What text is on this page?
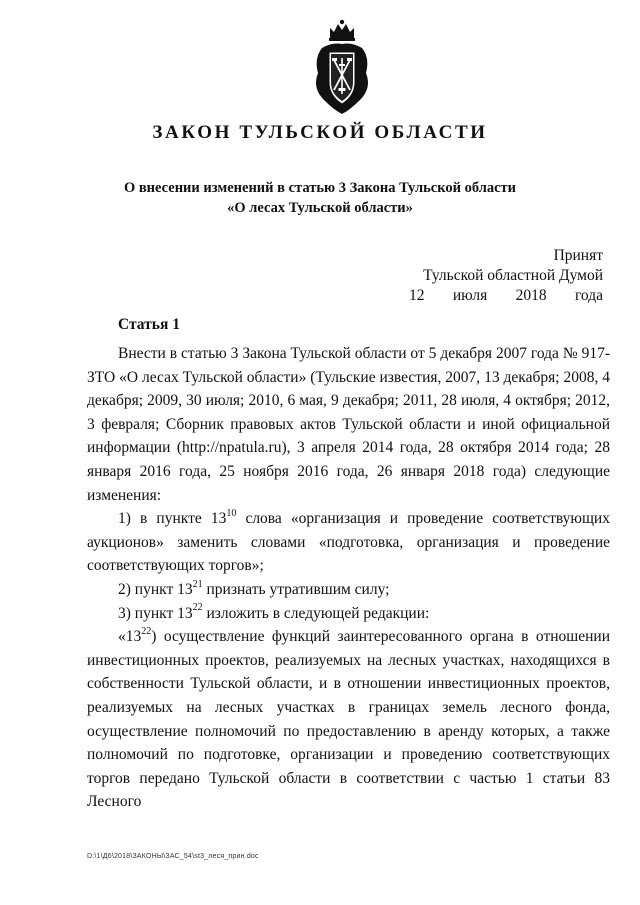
ЗАКОН ТУЛЬСКОЙ ОБЛАСТИ
О внесении изменений в статью 3 Закона Тульской области
«О лесах Тульской области»
Принят
Тульской областной Думой
12 июля 2018 года
Статья 1

Внести в статью 3 Закона Тульской области от 5 декабря 2007 года № 917-ЗТО «О лесах Тульской области» (Тульские известия, 2007, 13 декабря; 2008, 4 декабря; 2009, 30 июля; 2010, 6 мая, 9 декабря; 2011, 28 июля, 4 октября; 2012, 3 февраля; Сборник правовых актов Тульской области и иной официальной информации (http://npatula.ru), 3 апреля 2014 года, 28 октября 2014 года; 28 января 2016 года, 25 ноября 2016 года, 26 января 2018 года) следующие изменения:

1) в пункте $13^{10}$ слова «организация и проведение соответствующих аукционов» заменить словами «подготовка, организация и проведение соответствующих торгов»;

2) пункт $13^{21}$ признать утратившим силу;

3) пункт $13^{22}$ изложить в следующей редакции:

«$13^{22}$) осуществление функций заинтересованного органа в отношении инвестиционных проектов, реализуемых на лесных участках, находящихся в собственности Тульской области, и в отношении инвестиционных проектов, реализуемых на лесных участках в границах земель лесного фонда, осуществление полномочий по предоставлению в аренду которых, а также полномочий по подготовке, организации и проведению соответствующих торгов передано Тульской области в соответствии с частью 1 статьи 83 Лесного

D:\1\Д6\2018\ЗАКОНЫ\ЗАС_54\st3_леся_прин.doc
